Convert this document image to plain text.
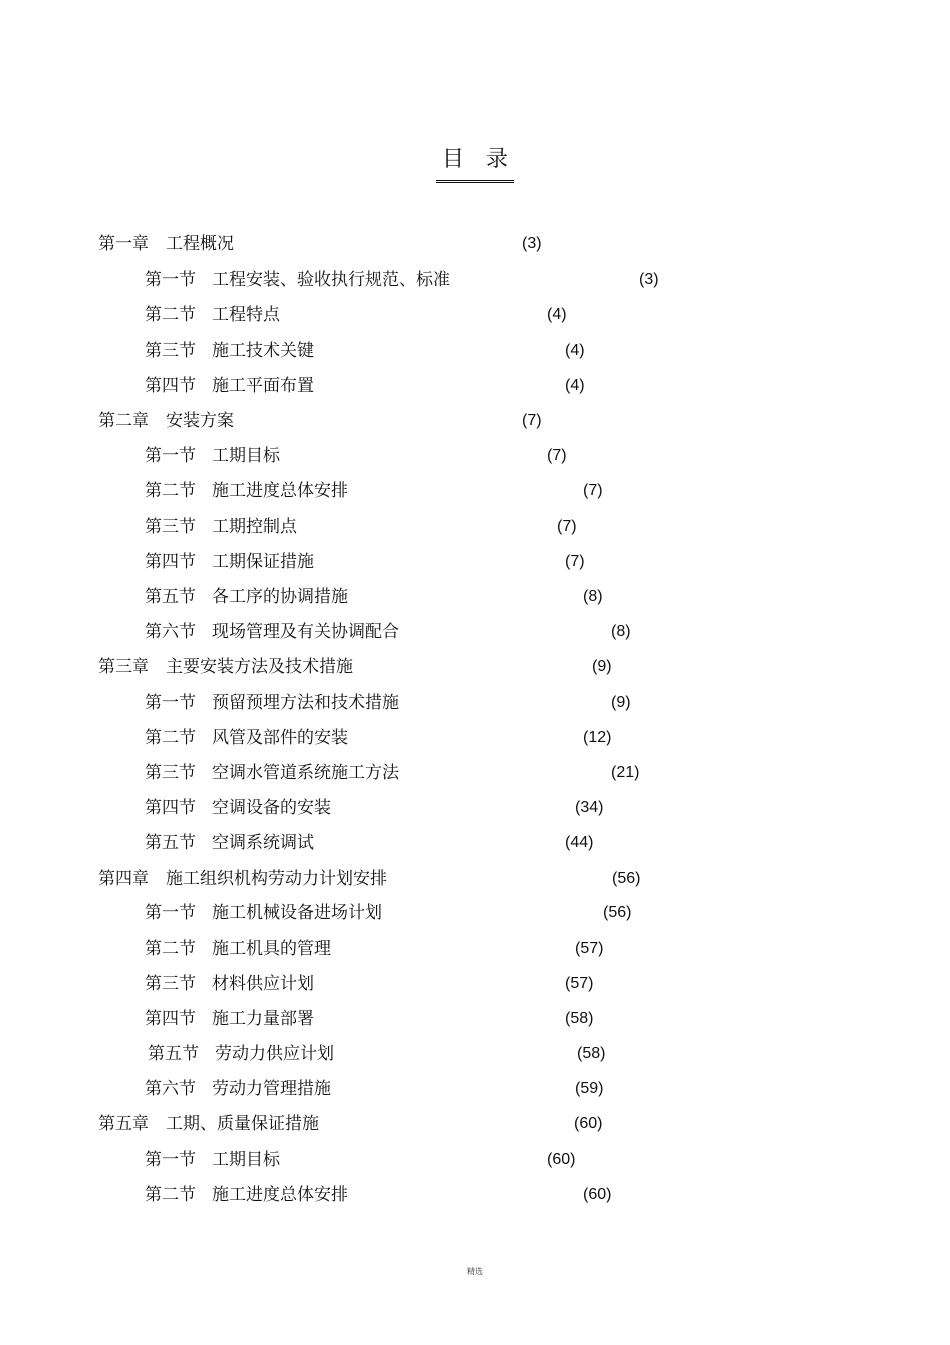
目　录
第一章 工程概况	(3)
第一节 工程安装、验收执行规范、标准	(3)
第二节 工程特点	(4)
第三节 施工技术关键	(4)
第四节 施工平面布置	(4)
第二章 安装方案	(7)
第一节 工期目标	(7)
第二节 施工进度总体安排	(7)
第三节 工期控制点	(7)
第四节 工期保证措施	(7)
第五节 各工序的协调措施	(8)
第六节 现场管理及有关协调配合	(8)
第三章 主要安装方法及技术措施	(9)
第一节 预留预埋方法和技术措施	(9)
第二节 风管及部件的安装	(12)
第三节 空调水管道系统施工方法	(21)
第四节 空调设备的安装	(34)
第五节 空调系统调试	(44)
第四章 施工组织机构劳动力计划安排	(56)
第一节 施工机械设备进场计划	(56)
第二节 施工机具的管理	(57)
第三节 材料供应计划	(57)
第四节 施工力量部署	(58)
第五节 劳动力供应计划	(58)
第六节 劳动力管理措施	(59)
第五章 工期、质量保证措施	(60)
第一节 工期目标	(60)
第二节 施工进度总体安排	(60)
精选
